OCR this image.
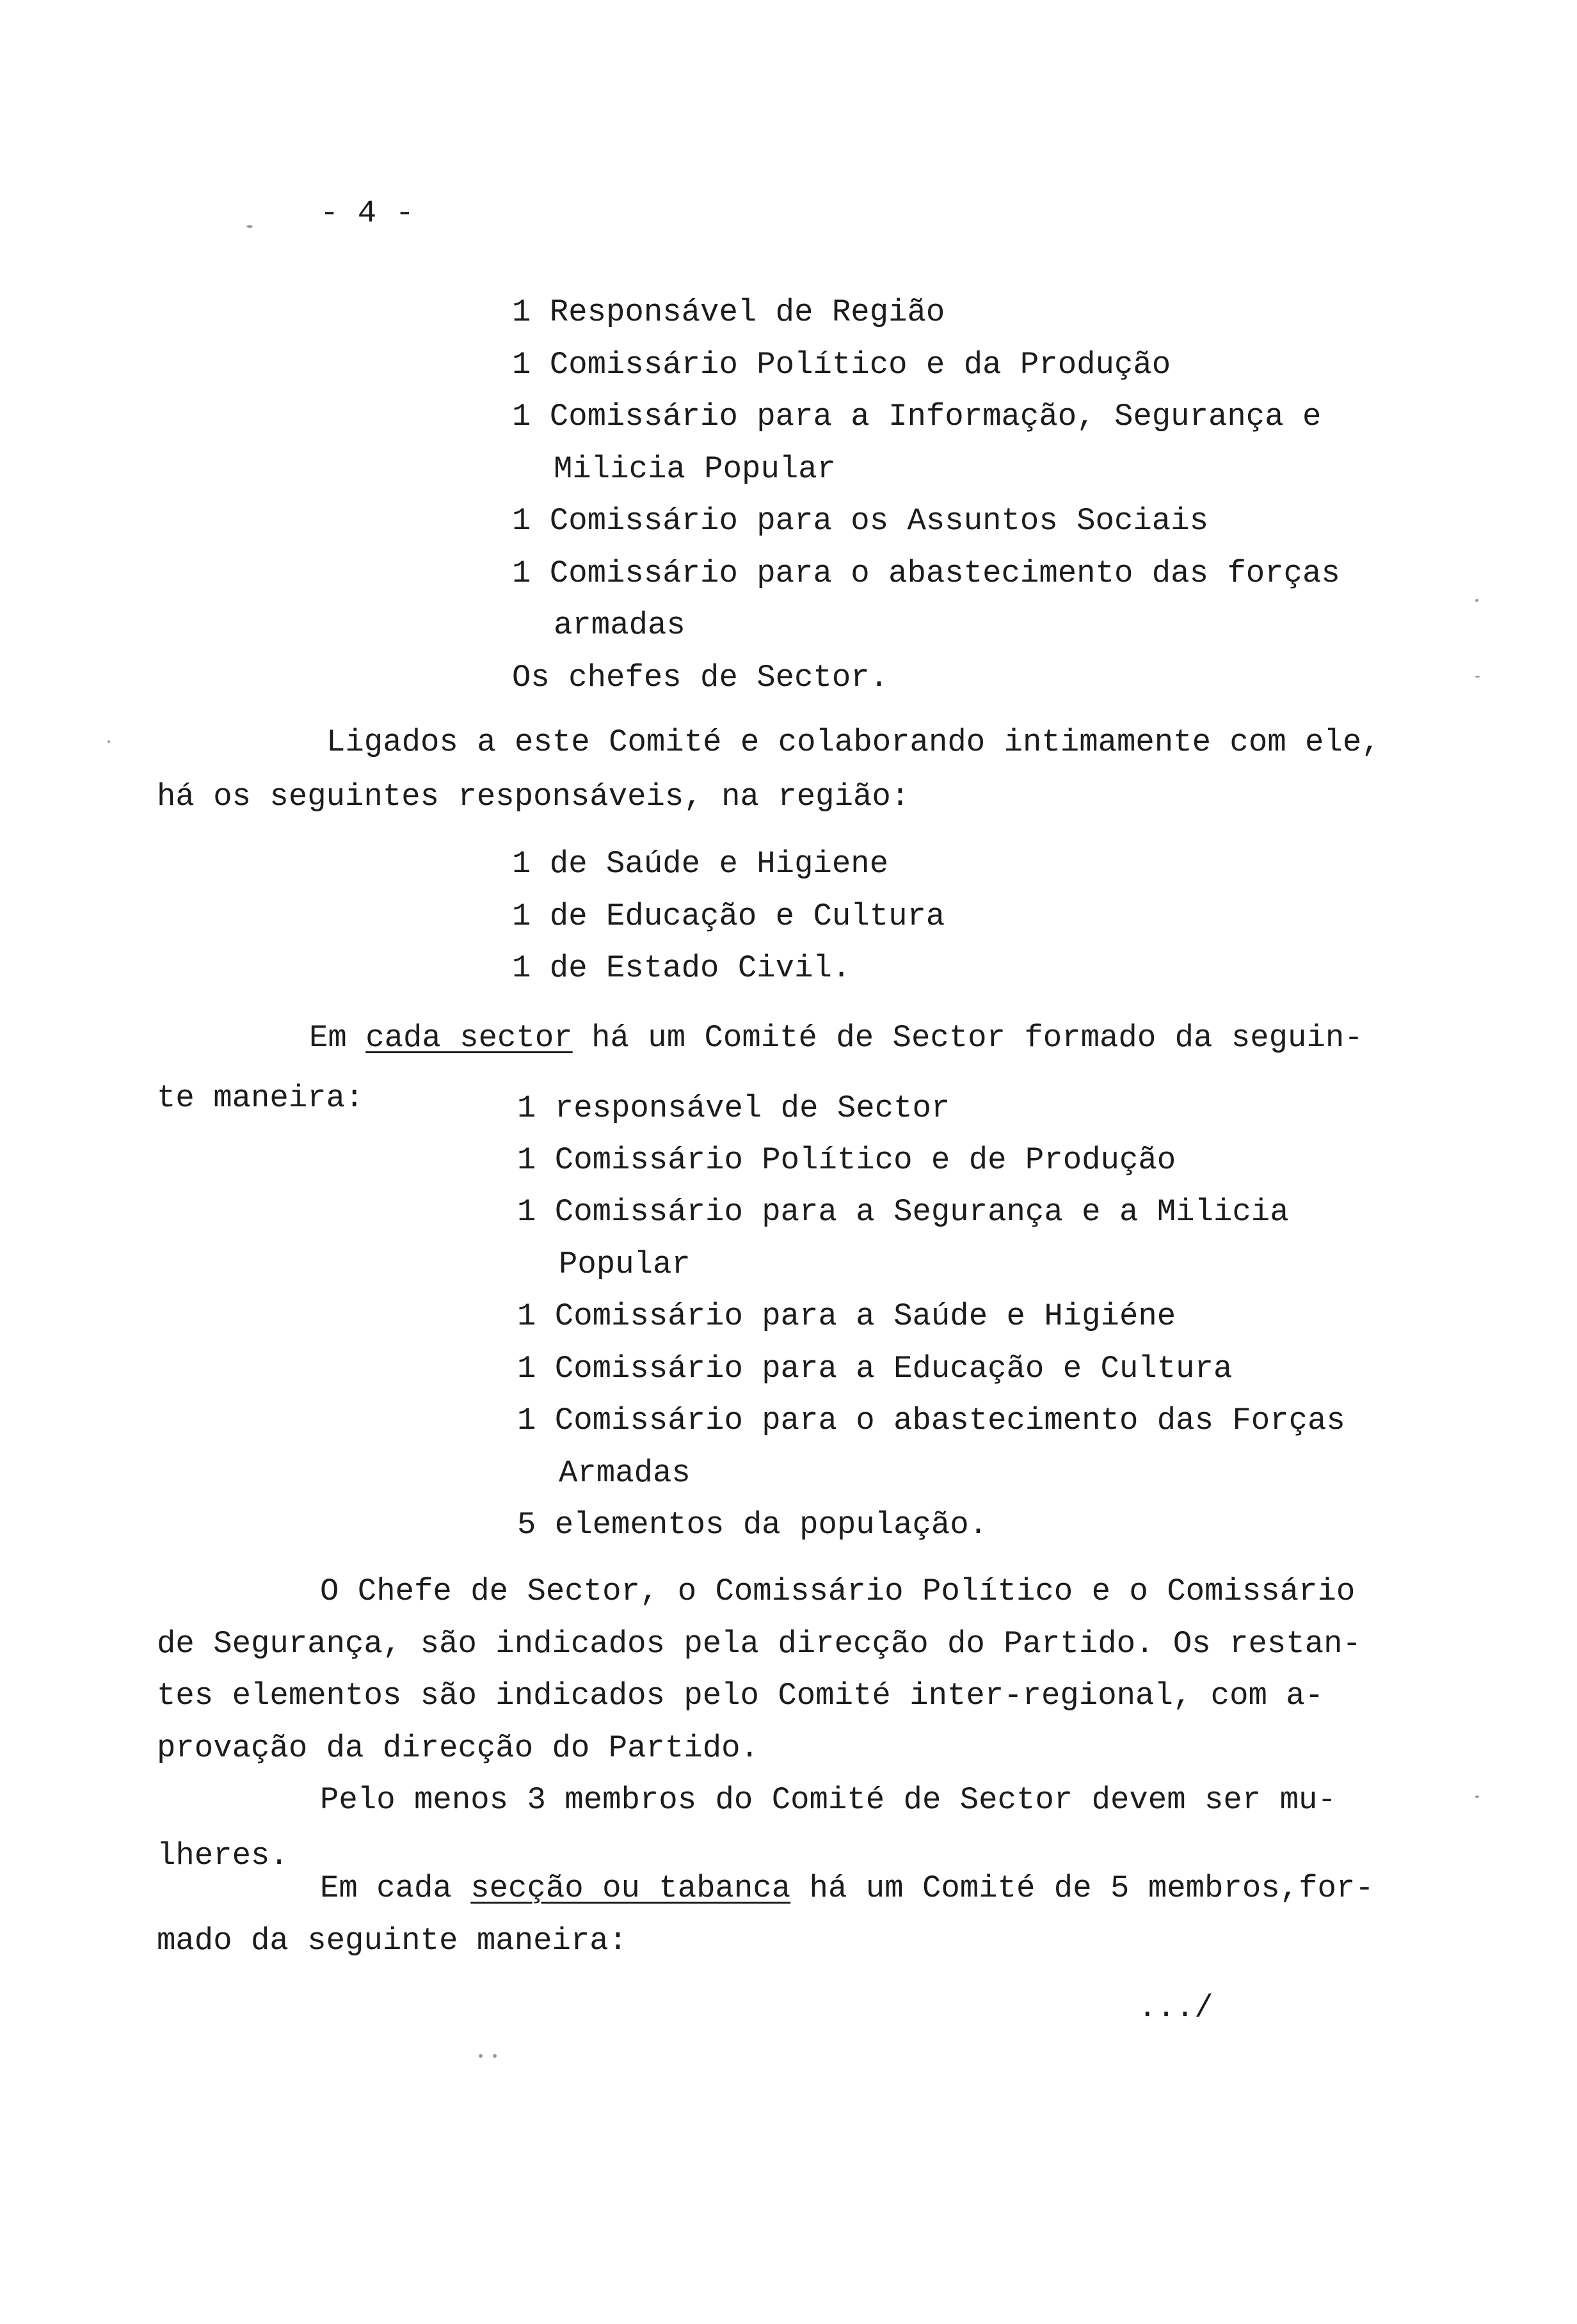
- 4 -
1 Responsável de Região
1 Comissário Político e da Produção
1 Comissário para a Informação, Segurança e
Milicia Popular
1 Comissário para os Assuntos Sociais
1 Comissário para o abastecimento das forças
armadas
Os chefes de Sector.
Ligados a este Comité e colaborando intimamente com ele,
há os seguintes responsáveis, na região:
1 de Saúde e Higiene
1 de Educação e Cultura
1 de Estado Civil.
Em cada sector há um Comité de Sector formado da seguin-
te maneira:	1 responsável de Sector
1 Comissário Político e de Produção
1 Comissário para a Segurança e a Milicia
Popular
1 Comissário para a Saúde e Higiéne
1 Comissário para a Educação e Cultura
1 Comissário para o abastecimento das Forças
Armadas
5 elementos da população.
O Chefe de Sector, o Comissário Político e o Comissário
de Segurança, são indicados pela direcção do Partido. Os restan-
tes elementos são indicados pelo Comité inter-regional, com a-
provação da direcção do Partido.
Pelo menos 3 membros do Comité de Sector devem ser mu-
lheres.
Em cada secção ou tabanca há um Comité de 5 membros,for-
mado da seguinte maneira:
.../
